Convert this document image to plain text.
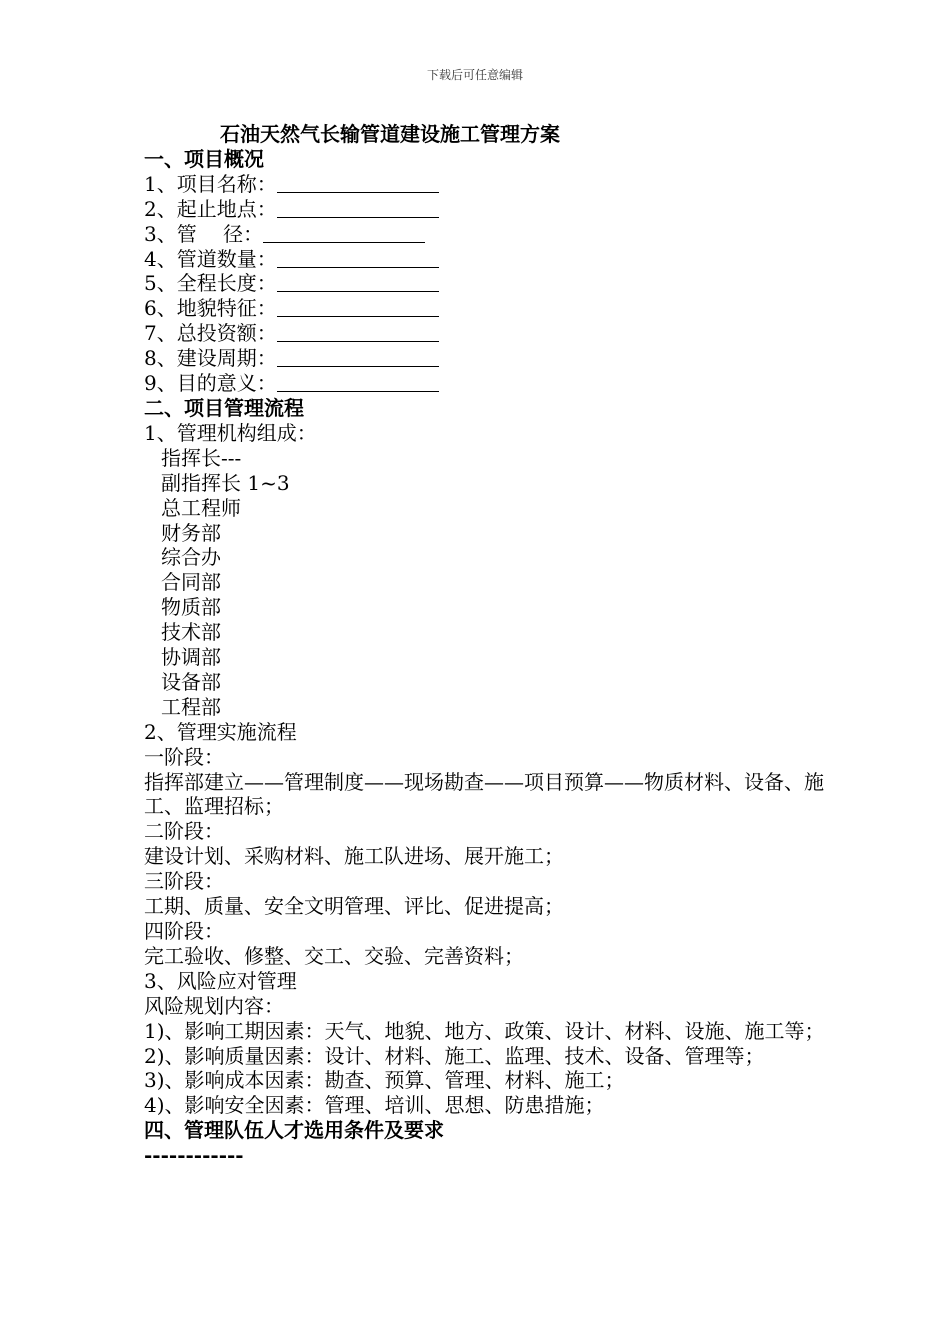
下载后可任意编辑
石油天然气长输管道建设施工管理方案
一、项目概况
1、项目名称：
2、起止地点：
3、管　 径：
4、管道数量：
5、全程长度：
6、地貌特征：
7、总投资额：
8、建设周期：
9、目的意义：
二、项目管理流程
1、管理机构组成：
指挥长---
副指挥长 1~3
总工程师
财务部
综合办
合同部
物质部
技术部
协调部
设备部
工程部
2、管理实施流程
一阶段：
指挥部建立——管理制度——现场勘查——项目预算——物质材料、设备、施工、监理招标；
二阶段：
建设计划、采购材料、施工队进场、展开施工；
三阶段：
工期、质量、安全文明管理、评比、促进提高；
四阶段：
完工验收、修整、交工、交验、完善资料；
3、风险应对管理
风险规划内容：
1)、影响工期因素：天气、地貌、地方、政策、设计、材料、设施、施工等；
2)、影响质量因素：设计、材料、施工、监理、技术、设备、管理等；
3)、影响成本因素：勘查、预算、管理、材料、施工；
4)、影响安全因素：管理、培训、思想、防患措施；
四、管理队伍人才选用条件及要求
------------
